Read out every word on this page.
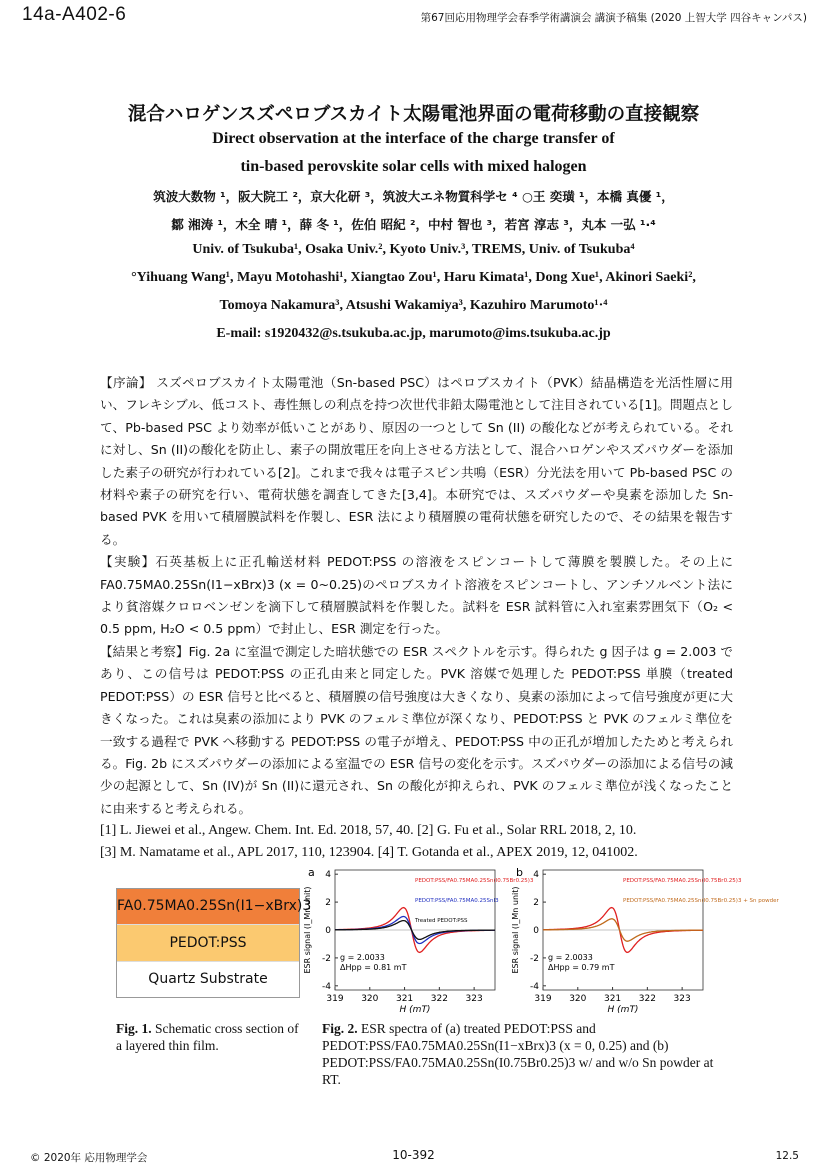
14a-A402-6	第67回応用物理学会春季学術講演会 講演予稿集 (2020 上智大学 四谷キャンパス)
混合ハロゲンスズペロブスカイト太陽電池界面の電荷移動の直接観察
Direct observation at the interface of the charge transfer of
tin-based perovskite solar cells with mixed halogen
筑波大数物 ¹，阪大院工 ²，京大化研 ³，筑波大エネ物質科学セ ⁴ ○王 奕璜 ¹，本橋 真優 ¹，
鄒 湘涛 ¹，木全 晴 ¹，薛 冬 ¹，佐伯 昭紀 ²，中村 智也 ³，若宮 淳志 ³，丸本 一弘 ¹·⁴
Univ. of Tsukuba¹, Osaka Univ.², Kyoto Univ.³, TREMS, Univ. of Tsukuba⁴
°Yihuang Wang¹, Mayu Motohashi¹, Xiangtao Zou¹, Haru Kimata¹, Dong Xue¹, Akinori Saeki²,
Tomoya Nakamura³, Atsushi Wakamiya³, Kazuhiro Marumoto¹·⁴
E-mail: s1920432@s.tsukuba.ac.jp, marumoto@ims.tsukuba.ac.jp

【序論】 スズペロブスカイト太陽電池（Sn-based PSC）はペロブスカイト（PVK）結晶構造を光活性層に用い、フレキシブル、低コスト、毒性無しの利点を持つ次世代非鉛太陽電池として注目されている[1]。問題点として、Pb-based PSC より効率が低いことがあり、原因の一つとして Sn (II) の酸化などが考えられている。それに対し、Sn (II)の酸化を防止し、素子の開放電圧を向上させる方法として、混合ハロゲンやスズパウダーを添加した素子の研究が行われている[2]。これまで我々は電子スピン共鳴（ESR）分光法を用いて Pb-based PSC の材料や素子の研究を行い、電荷状態を調査してきた[3,4]。本研究では、スズパウダーや臭素を添加した Sn-based PVK を用いて積層膜試料を作製し、ESR 法により積層膜の電荷状態を研究したので、その結果を報告する。

【実験】石英基板上に正孔輸送材料 PEDOT:PSS の溶液をスピンコートして薄膜を製膜した。その上に FA0.75MA0.25Sn(I1−xBrx)3 (x = 0~0.25)のペロブスカイト溶液をスピンコートし、アンチソルベント法により貧溶媒クロロベンゼンを滴下して積層膜試料を作製した。試料を ESR 試料管に入れ室素雰囲気下（O₂ < 0.5 ppm, H₂O < 0.5 ppm）で封止し、ESR 測定を行った。

【結果と考察】Fig. 2a に室温で測定した暗状態での ESR スペクトルを示す。得られた g 因子は g = 2.003 であり、この信号は PEDOT:PSS の正孔由来と同定した。PVK 溶媒で処理した PEDOT:PSS 単膜（treated PEDOT:PSS）の ESR 信号と比べると、積層膜の信号強度は大きくなり、臭素の添加によって信号強度が更に大きくなった。これは臭素の添加により PVK のフェルミ準位が深くなり、PEDOT:PSS と PVK のフェルミ準位を一致する過程で PVK へ移動する PEDOT:PSS の電子が増え、PEDOT:PSS 中の正孔が増加したためと考えられる。Fig. 2b にスズパウダーの添加による室温での ESR 信号の変化を示す。スズパウダーの添加による信号の減少の起源として、Sn (IV)が Sn (II)に還元され、Sn の酸化が抑えられ、PVK のフェルミ準位が浅くなったことに由来すると考えられる。

[1] L. Jiewei et al., Angew. Chem. Int. Ed. 2018, 57, 40. [2] G. Fu et al., Solar RRL 2018, 2, 10.
[3] M. Namatame et al., APL 2017, 110, 123904. [4] T. Gotanda et al., APEX 2019, 12, 041002.
FA0.75MA0.25Sn(I1−xBrx)3
PEDOT:PSS
Quartz Substrate
Fig. 1. Schematic cross section of a layered thin film.
319 320 321 322 323
-4
-2
0
2
4
H (mT)
ESR signal (I_Mn unit)
a
PEDOT:PSS/FA0.75MA0.25Sn(I0.75Br0.25)3
PEDOT:PSS/FA0.75MA0.25SnI3
Treated PEDOT:PSS
g = 2.0033
ΔHpp = 0.81 mT
319 320 321 322 323
-4
-2
0
2
4
H (mT)
ESR signal (I_Mn unit)
b
PEDOT:PSS/FA0.75MA0.25Sn(I0.75Br0.25)3
PEDOT:PSS/FA0.75MA0.25Sn(I0.75Br0.25)3 + Sn powder
g = 2.0033
ΔHpp = 0.79 mT
Fig. 2. ESR spectra of (a) treated PEDOT:PSS and PEDOT:PSS/FA0.75MA0.25Sn(I1−xBrx)3 (x = 0, 0.25) and (b) PEDOT:PSS/FA0.75MA0.25Sn(I0.75Br0.25)3 w/ and w/o Sn powder at RT.
© 2020年 応用物理学会	10-392	12.5
